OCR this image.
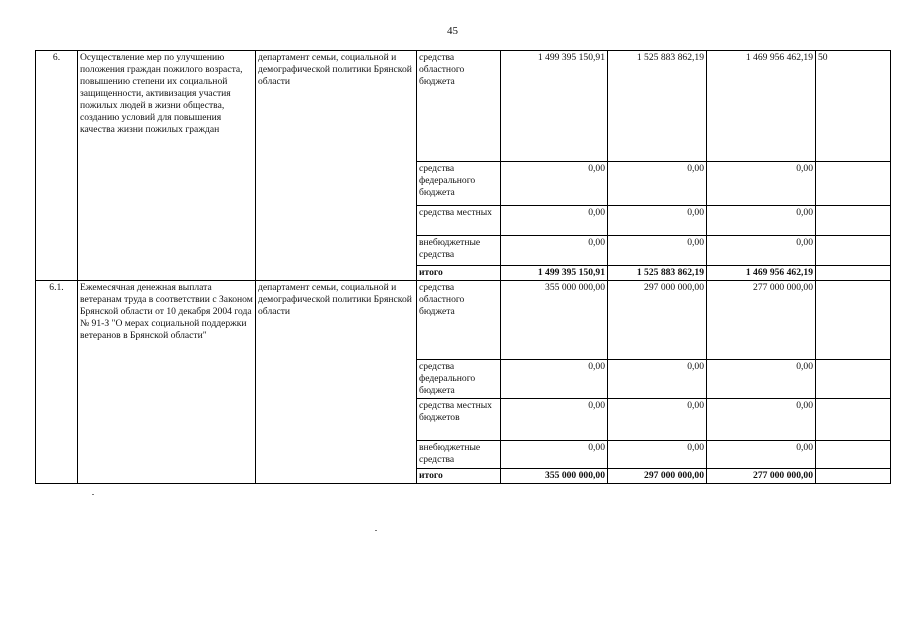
45
6.	Осуществление мер по улучшению положения граждан пожилого возраста, повышению степени их социальной защищенности, активизация участия пожилых людей в жизни общества, созданию условий для повышения качества жизни пожилых граждан	департамент семьи, социальной и демографической политики Брянской области	средства областного бюджета	1 499 395 150,91	1 525 883 862,19	1 469 956 462,19	50
			средства федерального бюджета	0,00	0,00	0,00	
			средства местных	0,00	0,00	0,00	
			внебюджетные средства	0,00	0,00	0,00	
			итого	1 499 395 150,91	1 525 883 862,19	1 469 956 462,19	
6.1.	Ежемесячная денежная выплата ветеранам труда в соответствии с Законом Брянской области от 10 декабря 2004 года № 91-З "О мерах социальной поддержки ветеранов в Брянской области"	департамент семьи, социальной и демографической политики Брянской области	средства областного бюджета	355 000 000,00	297 000 000,00	277 000 000,00	
			средства федерального бюджета	0,00	0,00	0,00	
			средства местных бюджетов	0,00	0,00	0,00	
			внебюджетные средства	0,00	0,00	0,00	
			итого	355 000 000,00	297 000 000,00	277 000 000,00	
